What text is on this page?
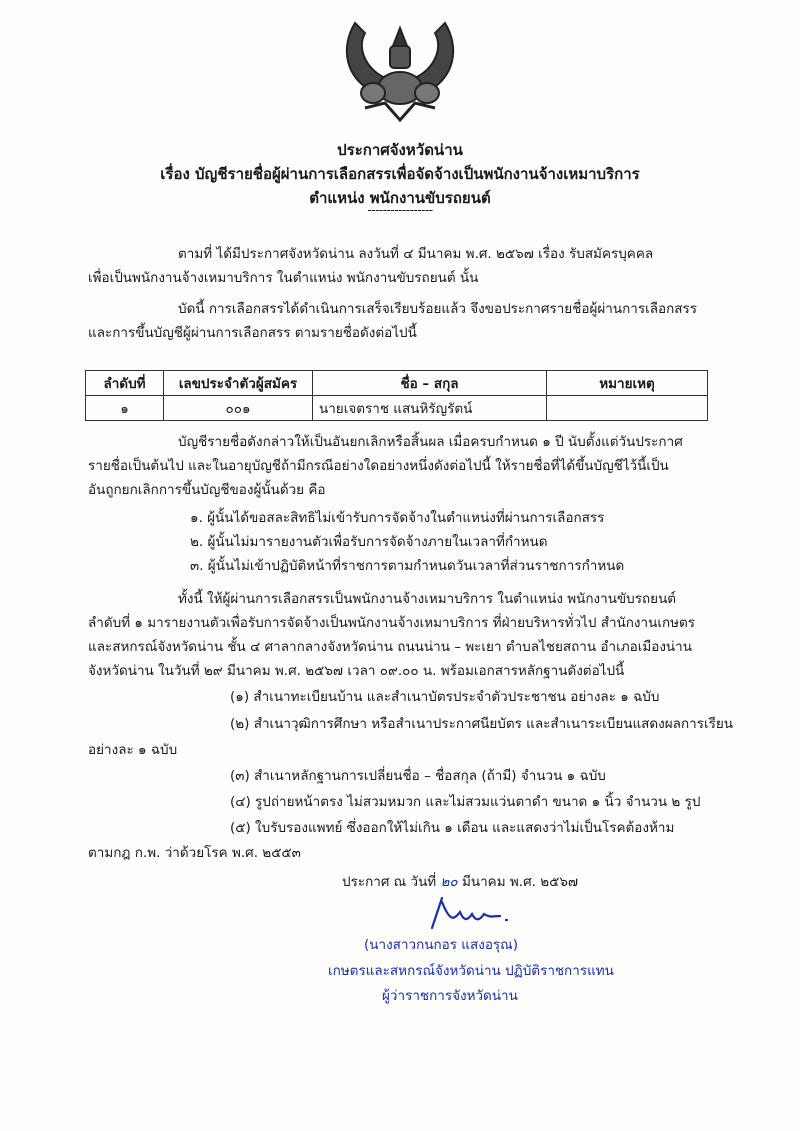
ประกาศจังหวัดน่าน
เรื่อง บัญชีรายชื่อผู้ผ่านการเลือกสรรเพื่อจัดจ้างเป็นพนักงานจ้างเหมาบริการ
ตำแหน่ง พนักงานขับรถยนต์
-----------------
ตามที่ ได้มีประกาศจังหวัดน่าน ลงวันที่ ๔ มีนาคม พ.ศ. ๒๕๖๗ เรื่อง รับสมัครบุคคล
เพื่อเป็นพนักงานจ้างเหมาบริการ ในตำแหน่ง พนักงานขับรถยนต์ นั้น
บัดนี้ การเลือกสรรได้ดำเนินการเสร็จเรียบร้อยแล้ว จึงขอประกาศรายชื่อผู้ผ่านการเลือกสรร
และการขึ้นบัญชีผู้ผ่านการเลือกสรร ตามรายชื่อดังต่อไปนี้
ลำดับที่	เลขประจำตัวผู้สมัคร	ชื่อ – สกุล	หมายเหตุ
๑	๐๐๑	นายเจตราช แสนหิรัญรัตน์	
บัญชีรายชื่อดังกล่าวให้เป็นอันยกเลิกหรือสิ้นผล เมื่อครบกำหนด ๑ ปี นับตั้งแต่วันประกาศ
รายชื่อเป็นต้นไป และในอายุบัญชีถ้ามีกรณีอย่างใดอย่างหนึ่งดังต่อไปนี้ ให้รายชื่อที่ได้ขึ้นบัญชีไว้นี้เป็น
อันถูกยกเลิกการขึ้นบัญชีของผู้นั้นด้วย คือ
๑. ผู้นั้นได้ขอสละสิทธิไม่เข้ารับการจัดจ้างในตำแหน่งที่ผ่านการเลือกสรร
๒. ผู้นั้นไม่มารายงานตัวเพื่อรับการจัดจ้างภายในเวลาที่กำหนด
๓. ผู้นั้นไม่เข้าปฏิบัติหน้าที่ราชการตามกำหนดวันเวลาที่ส่วนราชการกำหนด
ทั้งนี้ ให้ผู้ผ่านการเลือกสรรเป็นพนักงานจ้างเหมาบริการ ในตำแหน่ง พนักงานขับรถยนต์
ลำดับที่ ๑ มารายงานตัวเพื่อรับการจัดจ้างเป็นพนักงานจ้างเหมาบริการ ที่ฝ่ายบริหารทั่วไป สำนักงานเกษตร
และสหกรณ์จังหวัดน่าน ชั้น ๔ ศาลากลางจังหวัดน่าน ถนนน่าน – พะเยา ตำบลไชยสถาน อำเภอเมืองน่าน
จังหวัดน่าน ในวันที่ ๒๙ มีนาคม พ.ศ. ๒๕๖๗ เวลา ๐๙.๐๐ น. พร้อมเอกสารหลักฐานดังต่อไปนี้
(๑) สำเนาทะเบียนบ้าน และสำเนาบัตรประจำตัวประชาชน อย่างละ ๑ ฉบับ
(๒) สำเนาวุฒิการศึกษา หรือสำเนาประกาศนียบัตร และสำเนาระเบียนแสดงผลการเรียน
อย่างละ ๑ ฉบับ
(๓) สำเนาหลักฐานการเปลี่ยนชื่อ – ชื่อสกุล (ถ้ามี) จำนวน ๑ ฉบับ
(๔) รูปถ่ายหน้าตรง ไม่สวมหมวก และไม่สวมแว่นตาดำ ขนาด ๑ นิ้ว จำนวน ๒ รูป
(๕) ใบรับรองแพทย์ ซึ่งออกให้ไม่เกิน ๑ เดือน และแสดงว่าไม่เป็นโรคต้องห้าม
ตามกฎ ก.พ. ว่าด้วยโรค พ.ศ. ๒๕๕๓
ประกาศ ณ วันที่ ๒๐ มีนาคม พ.ศ. ๒๕๖๗
(นางสาวกนกอร แสงอรุณ)
เกษตรและสหกรณ์จังหวัดน่าน ปฏิบัติราชการแทน
ผู้ว่าราชการจังหวัดน่าน
